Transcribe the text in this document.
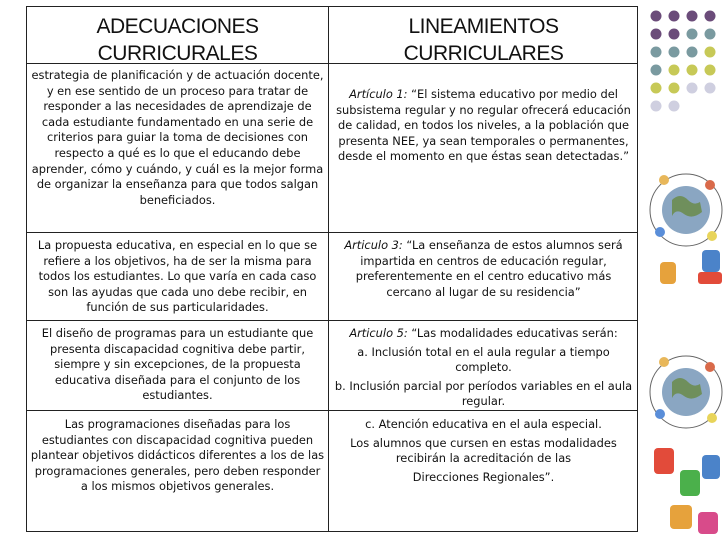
ADECUACIONES CURRICURALES
LINEAMIENTOS CURRICULARES

estrategia de planificación y de actuación docente, y en ese sentido de un proceso para tratar de responder a las necesidades de aprendizaje de cada estudiante fundamentado en una serie de criterios para guiar la toma de decisiones con respecto a qué es lo que el educando debe aprender, cómo y cuándo, y cuál es la mejor forma de organizar la enseñanza para que todos salgan beneficiados.

Artículo 1: “El sistema educativo por medio del subsistema regular y no regular ofrecerá educación de calidad, en todos los niveles, a la población que presenta NEE, ya sean temporales o permanentes, desde el momento en que éstas sean detectadas.”

La propuesta educativa, en especial en lo que se refiere a los objetivos, ha de ser la misma para todos los estudiantes. Lo que varía en cada caso son las ayudas que cada uno debe recibir, en función de sus particularidades.

Articulo 3: “La enseñanza de estos alumnos será impartida en centros de educación regular, preferentemente en el centro educativo más cercano al lugar de su residencia”

El diseño de programas para un estudiante que presenta discapacidad cognitiva debe partir, siempre y sin excepciones, de la propuesta educativa diseñada para el conjunto de los estudiantes.

Articulo 5: “Las modalidades educativas serán:

a. Inclusión total en el aula regular a tiempo completo.

b. Inclusión parcial por períodos variables en el aula regular.

Las programaciones diseñadas para los estudiantes con discapacidad cognitiva pueden plantear objetivos didácticos diferentes a los de las programaciones generales, pero deben responder a los mismos objetivos generales.

c. Atención educativa en el aula especial.

Los alumnos que cursen en estas modalidades recibirán la acreditación de las

Direcciones Regionales”.
